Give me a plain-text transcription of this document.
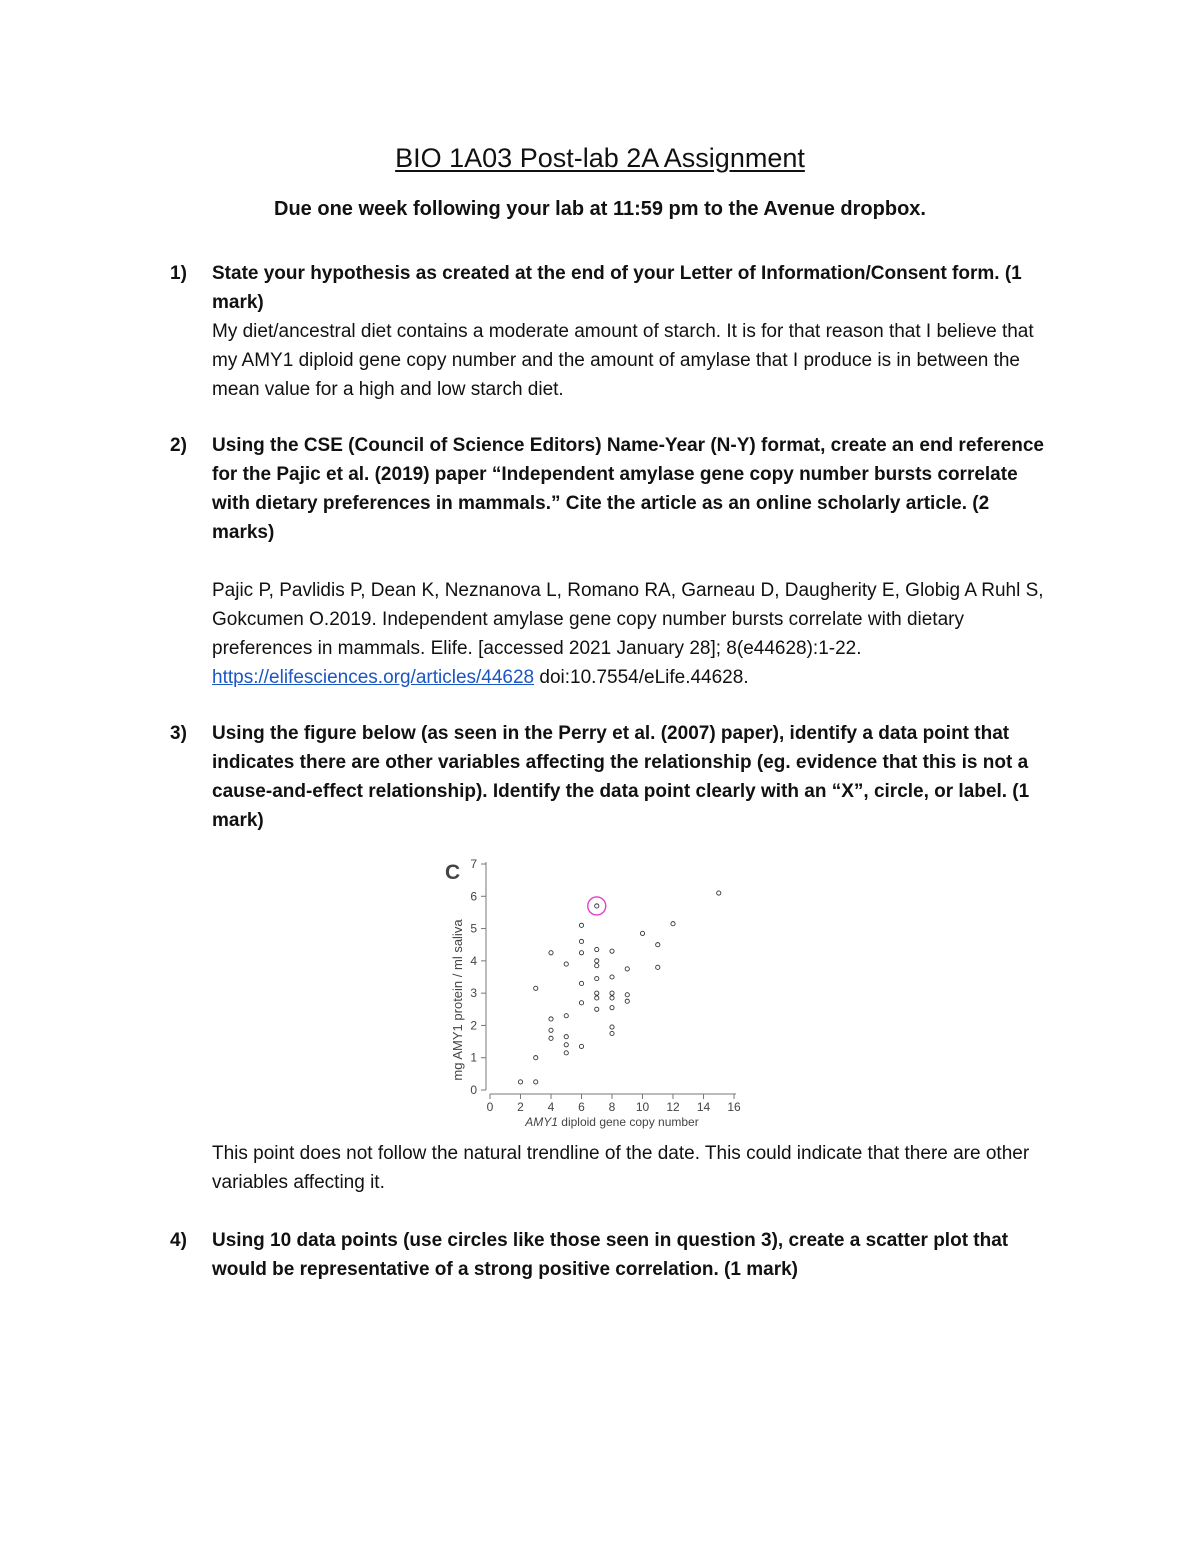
BIO 1A03 Post-lab 2A Assignment
Due one week following your lab at 11:59 pm to the Avenue dropbox.
1) State your hypothesis as created at the end of your Letter of Information/Consent form. (1 mark)
My diet/ancestral diet contains a moderate amount of starch. It is for that reason that I believe that my AMY1 diploid gene copy number and the amount of amylase that I produce is in between the mean value for a high and low starch diet.
2) Using the CSE (Council of Science Editors) Name-Year (N-Y) format, create an end reference for the Pajic et al. (2019) paper “Independent amylase gene copy number bursts correlate with dietary preferences in mammals.” Cite the article as an online scholarly article. (2 marks)
Pajic P, Pavlidis P, Dean K, Neznanova L, Romano RA, Garneau D, Daugherity E, Globig A Ruhl S, Gokcumen O.2019. Independent amylase gene copy number bursts correlate with dietary preferences in mammals. Elife. [accessed 2021 January 28]; 8(e44628):1-22. https://elifesciences.org/articles/44628 doi:10.7554/eLife.44628.
3) Using the figure below (as seen in the Perry et al. (2007) paper), identify a data point that indicates there are other variables affecting the relationship (eg. evidence that this is not a cause-and-effect relationship). Identify the data point clearly with an “X”, circle, or label. (1 mark)
C
mg AMY1 protein / ml saliva
AMY1 diploid gene copy number
0
1
2
3
4
5
6
7
0 2 4 6 8 10 12 14 16
This point does not follow the natural trendline of the date. This could indicate that there are other variables affecting it.
4) Using 10 data points (use circles like those seen in question 3), create a scatter plot that would be representative of a strong positive correlation. (1 mark)
